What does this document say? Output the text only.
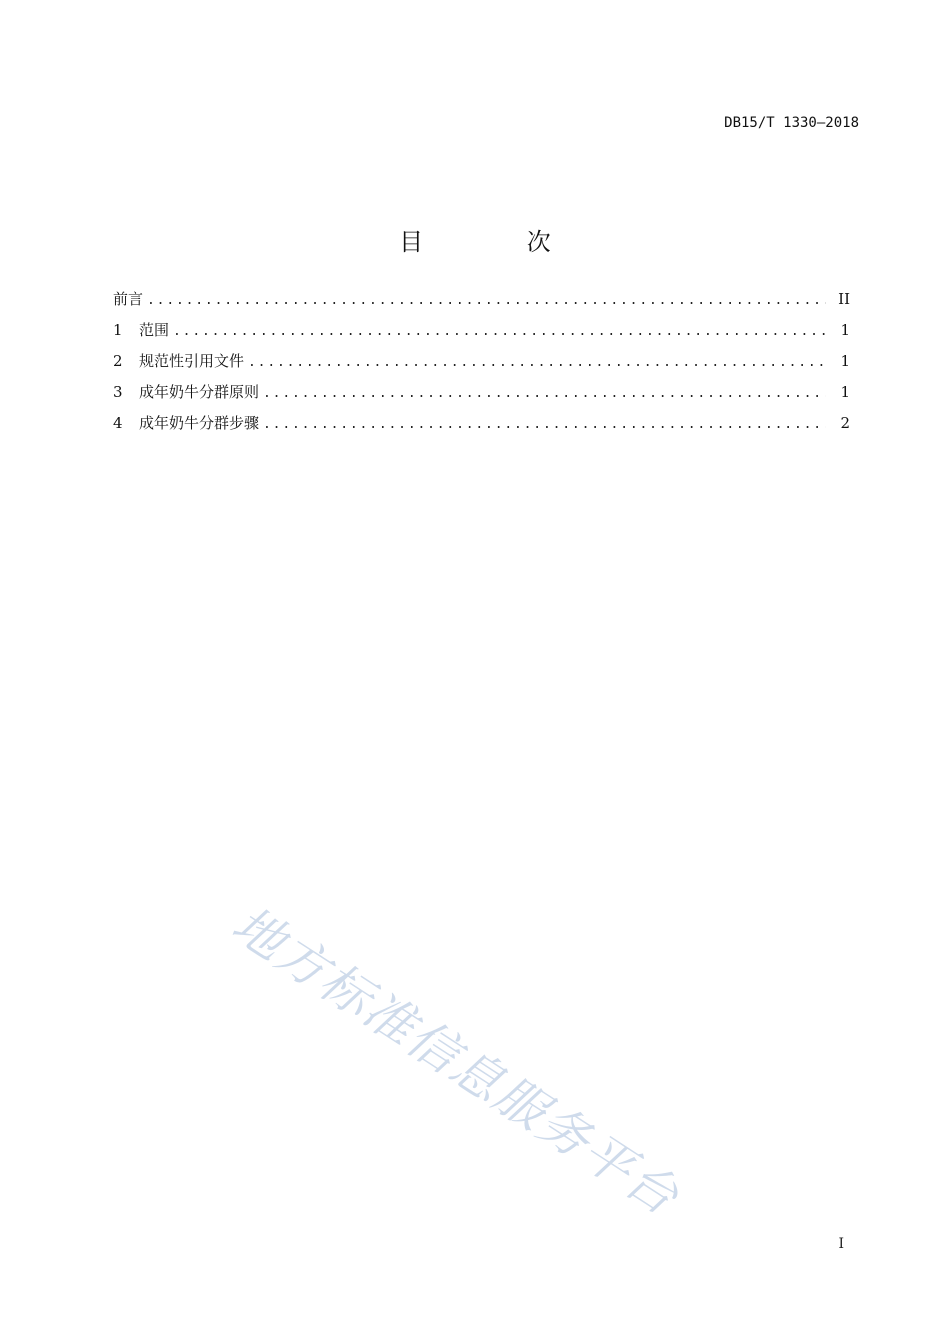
DB15/T 1330—2018
目 次
前言 . . .	II
1	范围 . . .	1
2	规范性引用文件 . . .	1
3	成年奶牛分群原则 . . .	1
4	成年奶牛分群步骤 . . .	2
地方标准信息服务平台
I
